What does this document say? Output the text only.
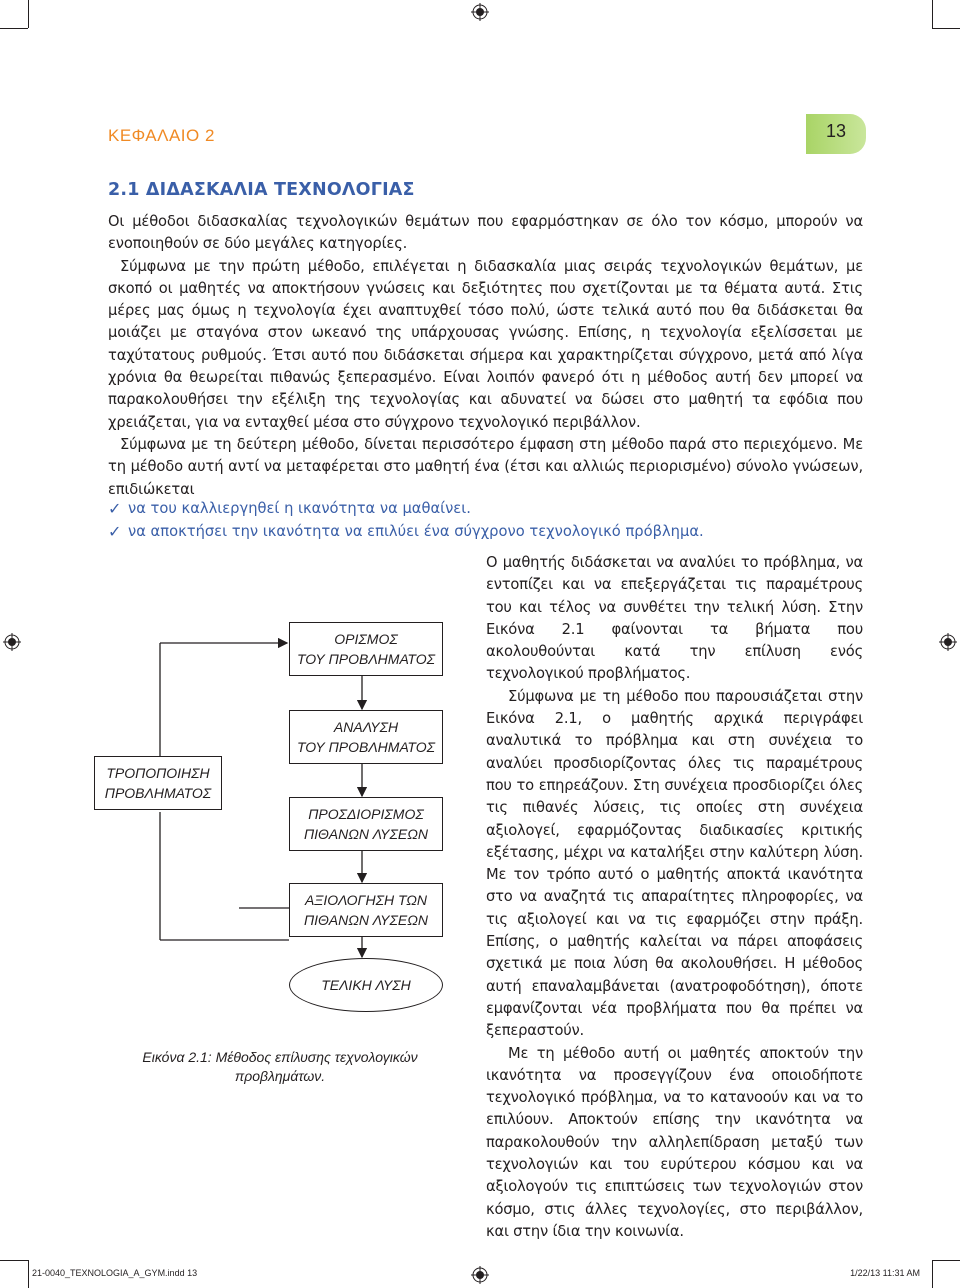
ΚΕΦΑΛΑΙΟ 2	13
2.1 ΔΙΔΑΣΚΑΛΙΑ ΤΕΧΝΟΛΟΓΙΑΣ

Οι μέθοδοι διδασκαλίας τεχνολογικών θεμάτων που εφαρμόστηκαν σε όλο τον κόσμο, μπορούν να ενοποιηθούν σε δύο μεγάλες κατηγορίες.

Σύμφωνα με την πρώτη μέθοδο, επιλέγεται η διδασκαλία μιας σειράς τεχνολογικών θεμάτων, με σκοπό οι μαθητές να αποκτήσουν γνώσεις και δεξιότητες που σχετίζονται με τα θέματα αυτά. Στις μέρες μας όμως η τεχνολογία έχει αναπτυχθεί τόσο πολύ, ώστε τελικά αυτό που θα διδάσκεται θα μοιάζει με σταγόνα στον ωκεανό της υπάρχουσας γνώσης. Επίσης, η τεχνολογία εξελίσσεται με ταχύτατους ρυθμούς. Έτσι αυτό που διδάσκεται σήμερα και χαρακτηρίζεται σύγχρονο, μετά από λίγα χρόνια θα θεωρείται πιθανώς ξεπερασμένο. Είναι λοιπόν φανερό ότι η μέθοδος αυτή δεν μπορεί να παρακολουθήσει την εξέλιξη της τεχνολογίας και αδυνατεί να δώσει στο μαθητή τα εφόδια που χρειάζεται, για να ενταχθεί μέσα στο σύγχρονο τεχνολογικό περιβάλλον.

Σύμφωνα με τη δεύτερη μέθοδο, δίνεται περισσότερο έμφαση στη μέθοδο παρά στο περιεχόμενο. Με τη μέθοδο αυτή αντί να μεταφέρεται στο μαθητή ένα (έτσι και αλλιώς περιορισμένο) σύνολο γνώσεων, επιδιώκεται

✓ να του καλλιεργηθεί η ικανότητα να μαθαίνει.
✓ να αποκτήσει την ικανότητα να επιλύει ένα σύγχρονο τεχνολογικό πρόβλημα.

Ο μαθητής διδάσκεται να αναλύει το πρόβλημα, να εντοπίζει και να επεξεργάζεται τις παραμέτρους του και τέλος να συνθέτει την τελική λύση. Στην Εικόνα 2.1 φαίνονται τα βήματα που ακολουθούνται κατά την επίλυση ενός τεχνολογικού προβλήματος.

Σύμφωνα με τη μέθοδο που παρουσιάζεται στην Εικόνα 2.1, ο μαθητής αρχικά περιγράφει αναλυτικά το πρόβλημα και στη συνέχεια το αναλύει προσδιορίζοντας όλες τις παραμέτρους που το επηρεάζουν. Στη συνέχεια προσδιορίζει όλες τις πιθανές λύσεις, τις οποίες στη συνέχεια αξιολογεί, εφαρμόζοντας διαδικασίες κριτικής εξέτασης, μέχρι να καταλήξει στην καλύτερη λύση. Με τον τρόπο αυτό ο μαθητής αποκτά ικανότητα στο να αναζητά τις απαραίτητες πληροφορίες, να τις αξιολογεί και να τις εφαρμόζει στην πράξη. Επίσης, ο μαθητής καλείται να πάρει αποφάσεις σχετικά με ποια λύση θα ακολουθήσει. Η μέθοδος αυτή επαναλαμβάνεται (ανατροφοδότηση), όποτε εμφανίζονται νέα προβλήματα που θα πρέπει να ξεπεραστούν.

Με τη μέθοδο αυτή οι μαθητές αποκτούν την ικανότητα να προσεγγίζουν ένα οποιοδήποτε τεχνολογικό πρόβλημα, να το κατανοούν και να το επιλύουν. Αποκτούν επίσης την ικανότητα να παρακολουθούν την αλληλεπίδραση μεταξύ των τεχνολογιών και του ευρύτερου κόσμου και να αξιολογούν τις επιπτώσεις των τεχνολογιών στον κόσμο, στις άλλες τεχνολογίες, στο περιβάλλον, και στην ίδια την κοινωνία.

ΟΡΙΣΜΟΣ
ΤΟΥ ΠΡΟΒΛΗΜΑΤΟΣ
ΑΝΑΛΥΣΗ
ΤΟΥ ΠΡΟΒΛΗΜΑΤΟΣ
ΠΡΟΣΔΙΟΡΙΣΜΟΣ
ΠΙΘΑΝΩΝ ΛΥΣΕΩΝ
ΑΞΙΟΛΟΓΗΣΗ ΤΩΝ
ΠΙΘΑΝΩΝ ΛΥΣΕΩΝ
ΤΕΛΙΚΗ ΛΥΣΗ
ΤΡΟΠΟΠΟΙΗΣΗ
ΠΡΟΒΛΗΜΑΤΟΣ
Εικόνα 2.1: Μέθοδος επίλυσης τεχνολογικών
προβλημάτων.
21-0040_TEXNOLOGIA_A_GYM.indd 13	1/22/13 11:31 AM
